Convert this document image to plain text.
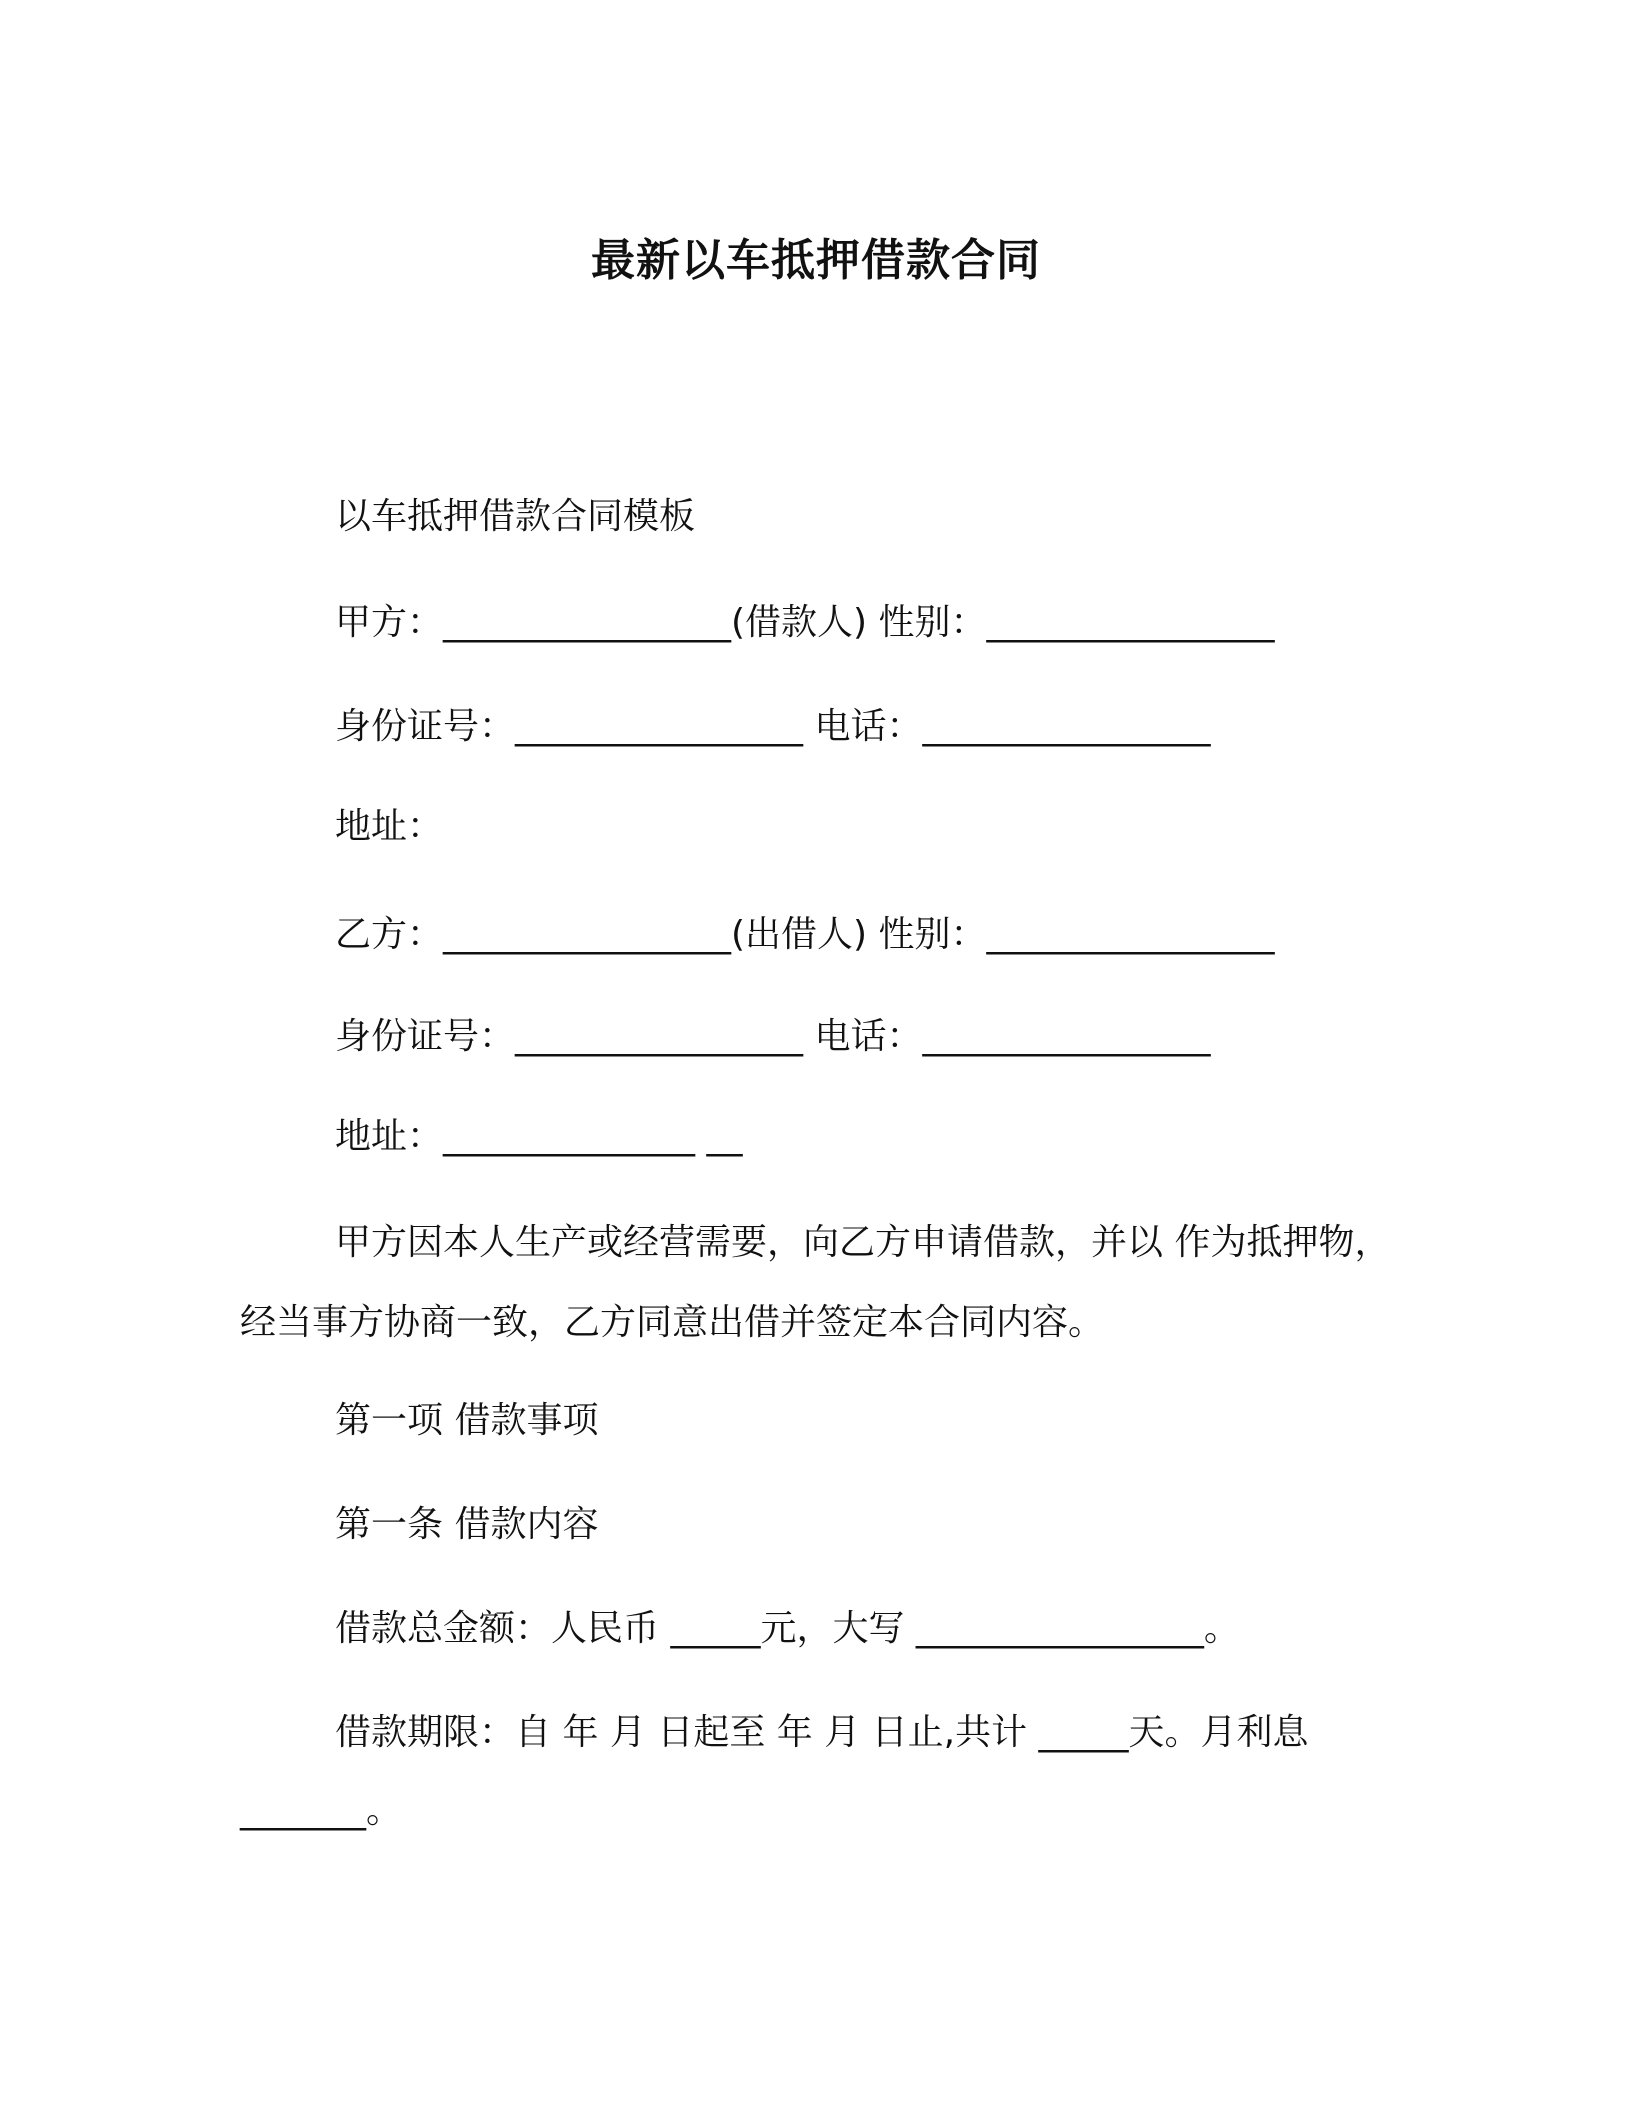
最新以车抵押借款合同
以车抵押借款合同模板
甲方：________________(借款人) 性别：________________
身份证号：________________ 电话：________________
地址：
乙方：________________(出借人) 性别：________________
身份证号：________________ 电话：________________
地址：______________ __
甲方因本人生产或经营需要，向乙方申请借款，并以 作为抵押物，
经当事方协商一致，乙方同意出借并签定本合同内容。
第一项 借款事项
第一条 借款内容
借款总金额：人民币 _____元，大写 ________________。
借款期限：自 年 月 日起至 年 月 日止,共计 _____天。月利息
_______。
